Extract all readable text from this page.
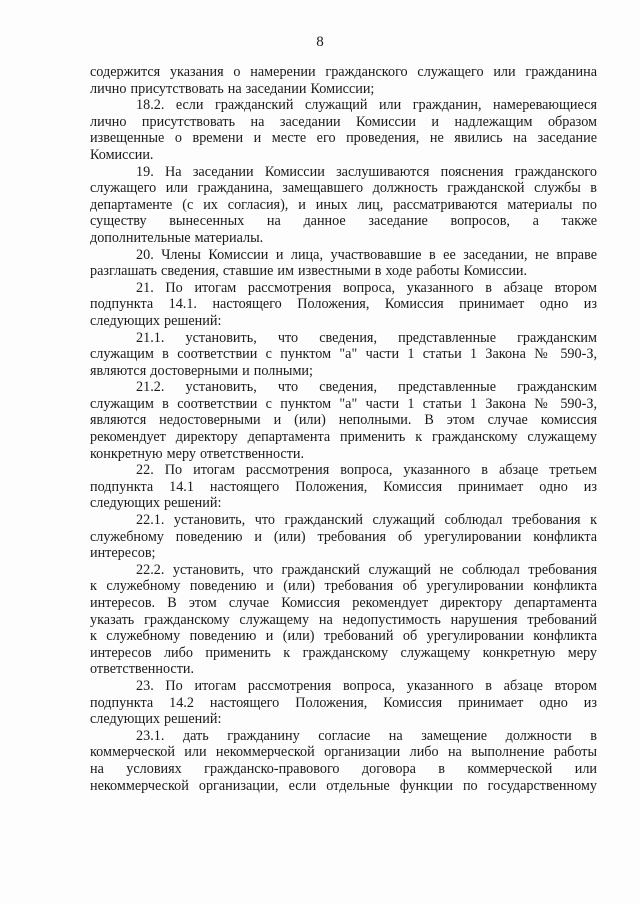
8
содержится указания о намерении гражданского служащего или гражданина
лично присутствовать на заседании Комиссии;
18.2. если гражданский служащий или гражданин, намеревающиеся
лично присутствовать на заседании Комиссии и надлежащим образом
извещенные о времени и месте его проведения, не явились на заседание
Комиссии.
19. На заседании Комиссии заслушиваются пояснения гражданского
служащего или гражданина, замещавшего должность гражданской службы в
департаменте (с их согласия), и иных лиц, рассматриваются материалы по
существу вынесенных на данное заседание вопросов, а также
дополнительные материалы.
20. Члены Комиссии и лица, участвовавшие в ее заседании, не вправе
разглашать сведения, ставшие им известными в ходе работы Комиссии.
21. По итогам рассмотрения вопроса, указанного в абзаце втором
подпункта 14.1. настоящего Положения, Комиссия принимает одно из
следующих решений:
21.1. установить, что сведения, представленные гражданским
служащим в соответствии с пунктом "а" части 1 статьи 1 Закона № 590-З,
являются достоверными и полными;
21.2. установить, что сведения, представленные гражданским
служащим в соответствии с пунктом "а" части 1 статьи 1 Закона № 590-З,
являются недостоверными и (или) неполными. В этом случае комиссия
рекомендует директору департамента применить к гражданскому служащему
конкретную меру ответственности.
22. По итогам рассмотрения вопроса, указанного в абзаце третьем
подпункта 14.1 настоящего Положения, Комиссия принимает одно из
следующих решений:
22.1. установить, что гражданский служащий соблюдал требования к
служебному поведению и (или) требования об урегулировании конфликта
интересов;
22.2. установить, что гражданский служащий не соблюдал требования
к служебному поведению и (или) требования об урегулировании конфликта
интересов. В этом случае Комиссия рекомендует директору департамента
указать гражданскому служащему на недопустимость нарушения требований
к служебному поведению и (или) требований об урегулировании конфликта
интересов либо применить к гражданскому служащему конкретную меру
ответственности.
23. По итогам рассмотрения вопроса, указанного в абзаце втором
подпункта 14.2 настоящего Положения, Комиссия принимает одно из
следующих решений:
23.1. дать гражданину согласие на замещение должности в
коммерческой или некоммерческой организации либо на выполнение работы
на условиях гражданско-правового договора в коммерческой или
некоммерческой организации, если отдельные функции по государственному
